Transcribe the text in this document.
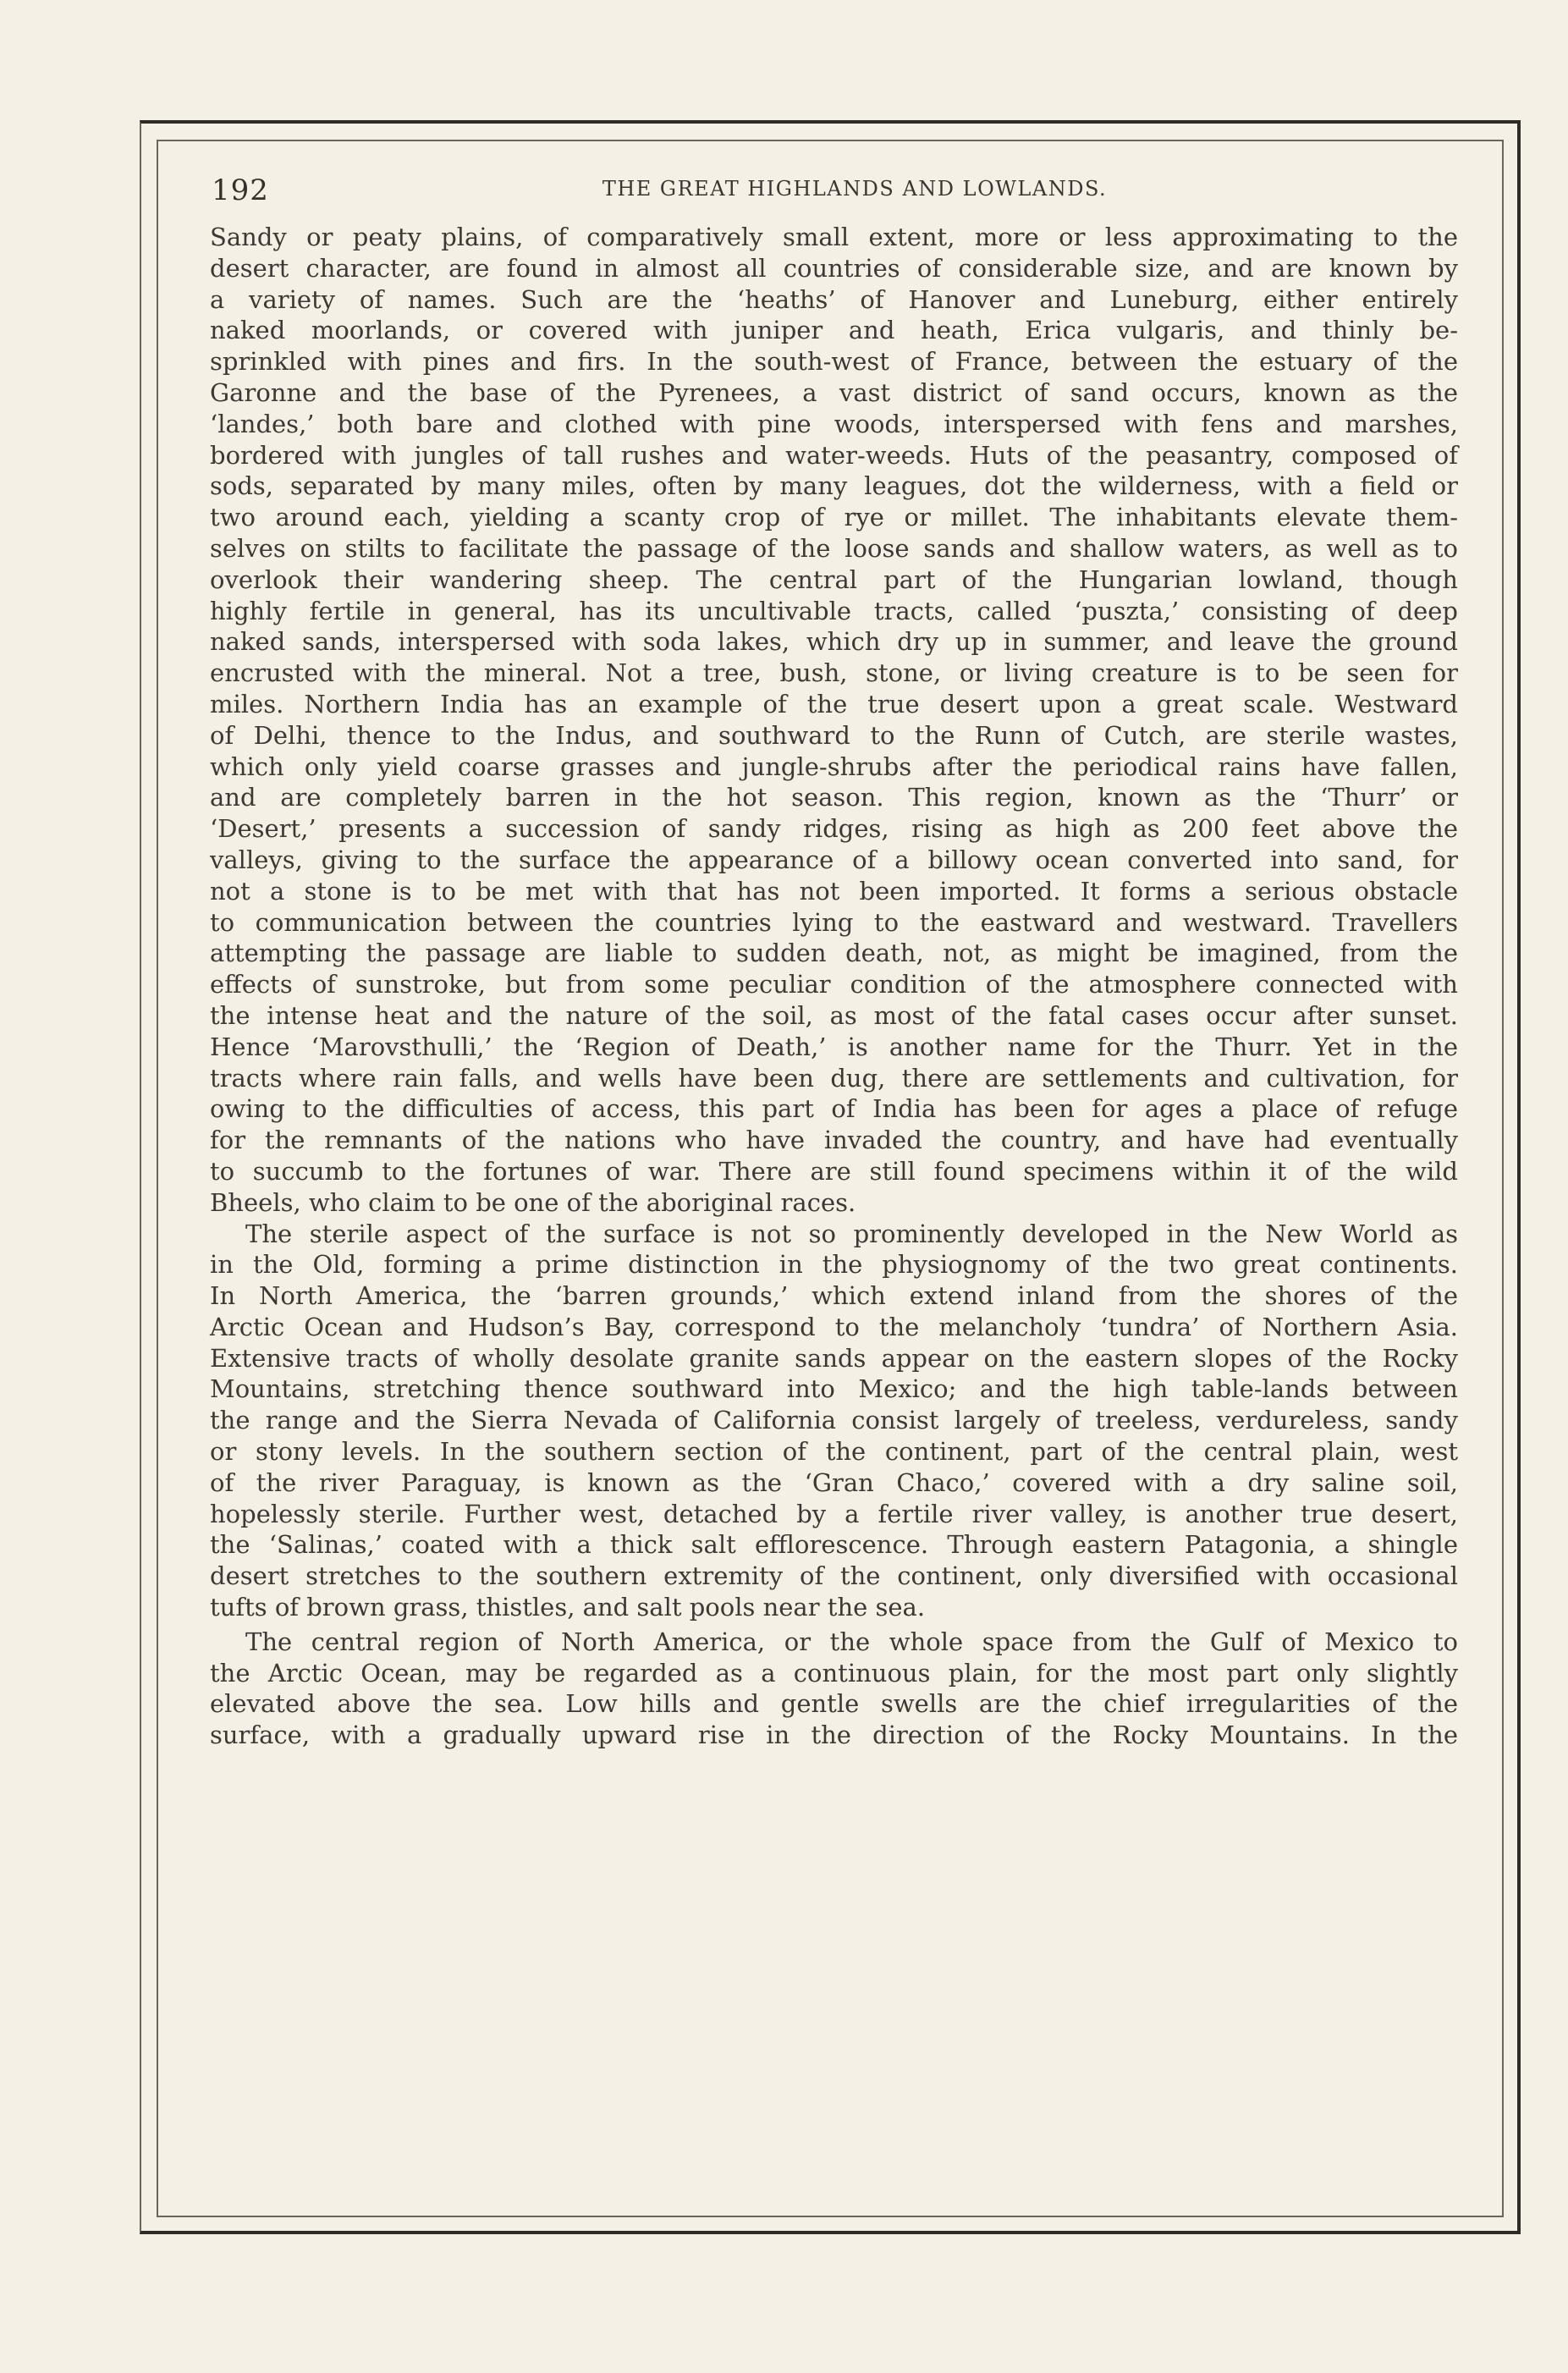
192	THE GREAT HIGHLANDS AND LOWLANDS.
Sandy or peaty plains, of comparatively small extent, more or less approximating to the
desert character, are found in almost all countries of considerable size, and are known by
a variety of names. Such are the ‘heaths’ of Hanover and Luneburg, either entirely
naked moorlands, or covered with juniper and heath, Erica vulgaris, and thinly be-
sprinkled with pines and firs. In the south-west of France, between the estuary of the
Garonne and the base of the Pyrenees, a vast district of sand occurs, known as the
‘landes,’ both bare and clothed with pine woods, interspersed with fens and marshes,
bordered with jungles of tall rushes and water-weeds. Huts of the peasantry, composed of
sods, separated by many miles, often by many leagues, dot the wilderness, with a field or
two around each, yielding a scanty crop of rye or millet. The inhabitants elevate them-
selves on stilts to facilitate the passage of the loose sands and shallow waters, as well as to
overlook their wandering sheep. The central part of the Hungarian lowland, though
highly fertile in general, has its uncultivable tracts, called ‘puszta,’ consisting of deep
naked sands, interspersed with soda lakes, which dry up in summer, and leave the ground
encrusted with the mineral. Not a tree, bush, stone, or living creature is to be seen for
miles. Northern India has an example of the true desert upon a great scale. Westward
of Delhi, thence to the Indus, and southward to the Runn of Cutch, are sterile wastes,
which only yield coarse grasses and jungle-shrubs after the periodical rains have fallen,
and are completely barren in the hot season. This region, known as the ‘Thurr’ or
‘Desert,’ presents a succession of sandy ridges, rising as high as 200 feet above the
valleys, giving to the surface the appearance of a billowy ocean converted into sand, for
not a stone is to be met with that has not been imported. It forms a serious obstacle
to communication between the countries lying to the eastward and westward. Travellers
attempting the passage are liable to sudden death, not, as might be imagined, from the
effects of sunstroke, but from some peculiar condition of the atmosphere connected with
the intense heat and the nature of the soil, as most of the fatal cases occur after sunset.
Hence ‘Marovsthulli,’ the ‘Region of Death,’ is another name for the Thurr. Yet in the
tracts where rain falls, and wells have been dug, there are settlements and cultivation, for
owing to the difficulties of access, this part of India has been for ages a place of refuge
for the remnants of the nations who have invaded the country, and have had eventually
to succumb to the fortunes of war. There are still found specimens within it of the wild
Bheels, who claim to be one of the aboriginal races.
The sterile aspect of the surface is not so prominently developed in the New World as
in the Old, forming a prime distinction in the physiognomy of the two great continents.
In North America, the ‘barren grounds,’ which extend inland from the shores of the
Arctic Ocean and Hudson’s Bay, correspond to the melancholy ‘tundra’ of Northern Asia.
Extensive tracts of wholly desolate granite sands appear on the eastern slopes of the Rocky
Mountains, stretching thence southward into Mexico; and the high table-lands between
the range and the Sierra Nevada of California consist largely of treeless, verdureless, sandy
or stony levels. In the southern section of the continent, part of the central plain, west
of the river Paraguay, is known as the ‘Gran Chaco,’ covered with a dry saline soil,
hopelessly sterile. Further west, detached by a fertile river valley, is another true desert,
the ‘Salinas,’ coated with a thick salt efflorescence. Through eastern Patagonia, a shingle
desert stretches to the southern extremity of the continent, only diversified with occasional
tufts of brown grass, thistles, and salt pools near the sea.
The central region of North America, or the whole space from the Gulf of Mexico to
the Arctic Ocean, may be regarded as a continuous plain, for the most part only slightly
elevated above the sea. Low hills and gentle swells are the chief irregularities of the
surface, with a gradually upward rise in the direction of the Rocky Mountains. In the
